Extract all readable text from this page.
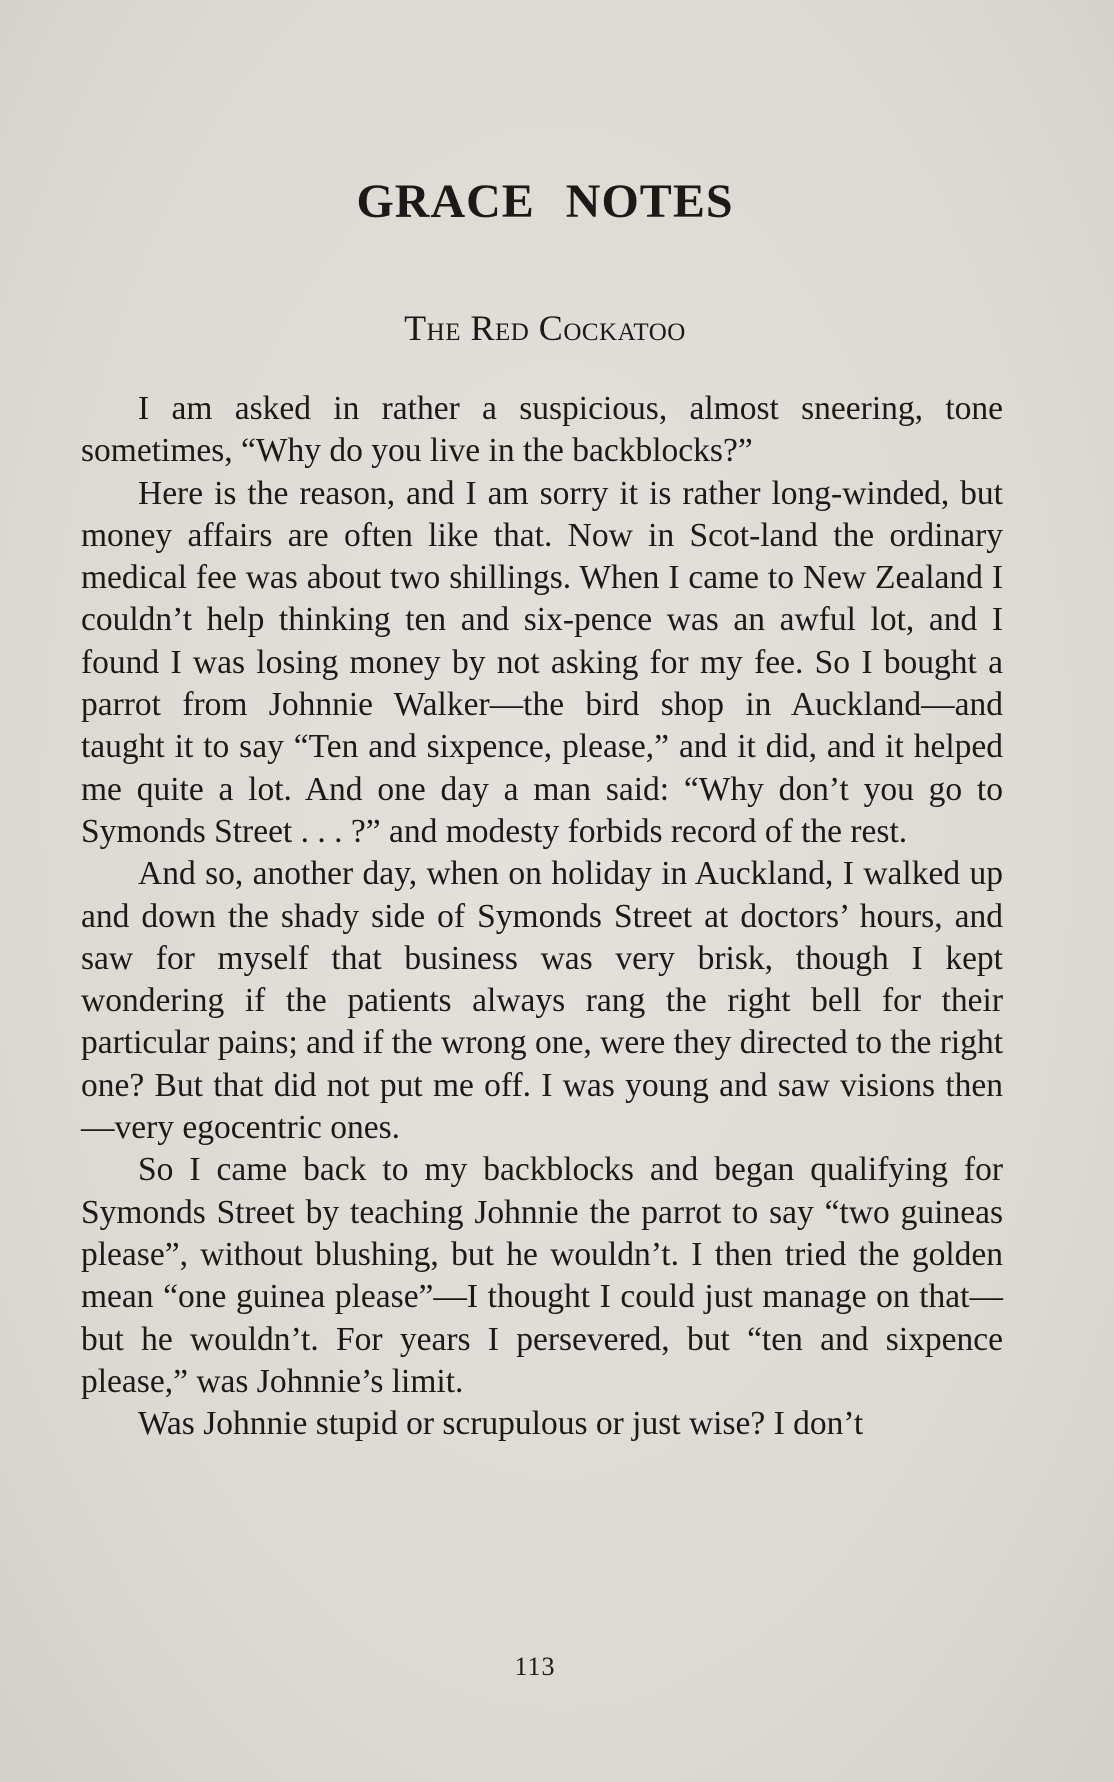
GRACE NOTES
The Red Cockatoo

I am asked in rather a suspicious, almost sneering, tone sometimes, “Why do you live in the backblocks?”

Here is the reason, and I am sorry it is rather long‐winded, but money affairs are often like that. Now in Scot‐land the ordinary medical fee was about two shillings. When I came to New Zealand I couldn’t help thinking ten and six‐pence was an awful lot, and I found I was losing money by not asking for my fee. So I bought a parrot from Johnnie Walker—the bird shop in Auckland—and taught it to say “Ten and sixpence, please,” and it did, and it helped me quite a lot. And one day a man said: “Why don’t you go to Symonds Street . . . ?” and modesty forbids record of the rest.

And so, another day, when on holiday in Auckland, I walked up and down the shady side of Symonds Street at doctors’ hours, and saw for myself that business was very brisk, though I kept wondering if the patients always rang the right bell for their particular pains; and if the wrong one, were they directed to the right one? But that did not put me off. I was young and saw visions then—very egocentric ones.

So I came back to my backblocks and began qualifying for Symonds Street by teaching Johnnie the parrot to say “two guineas please”, without blushing, but he wouldn’t. I then tried the golden mean “one guinea please”—I thought I could just manage on that—but he wouldn’t. For years I persevered, but “ten and sixpence please,” was Johnnie’s limit.

Was Johnnie stupid or scrupulous or just wise? I don’t

113
